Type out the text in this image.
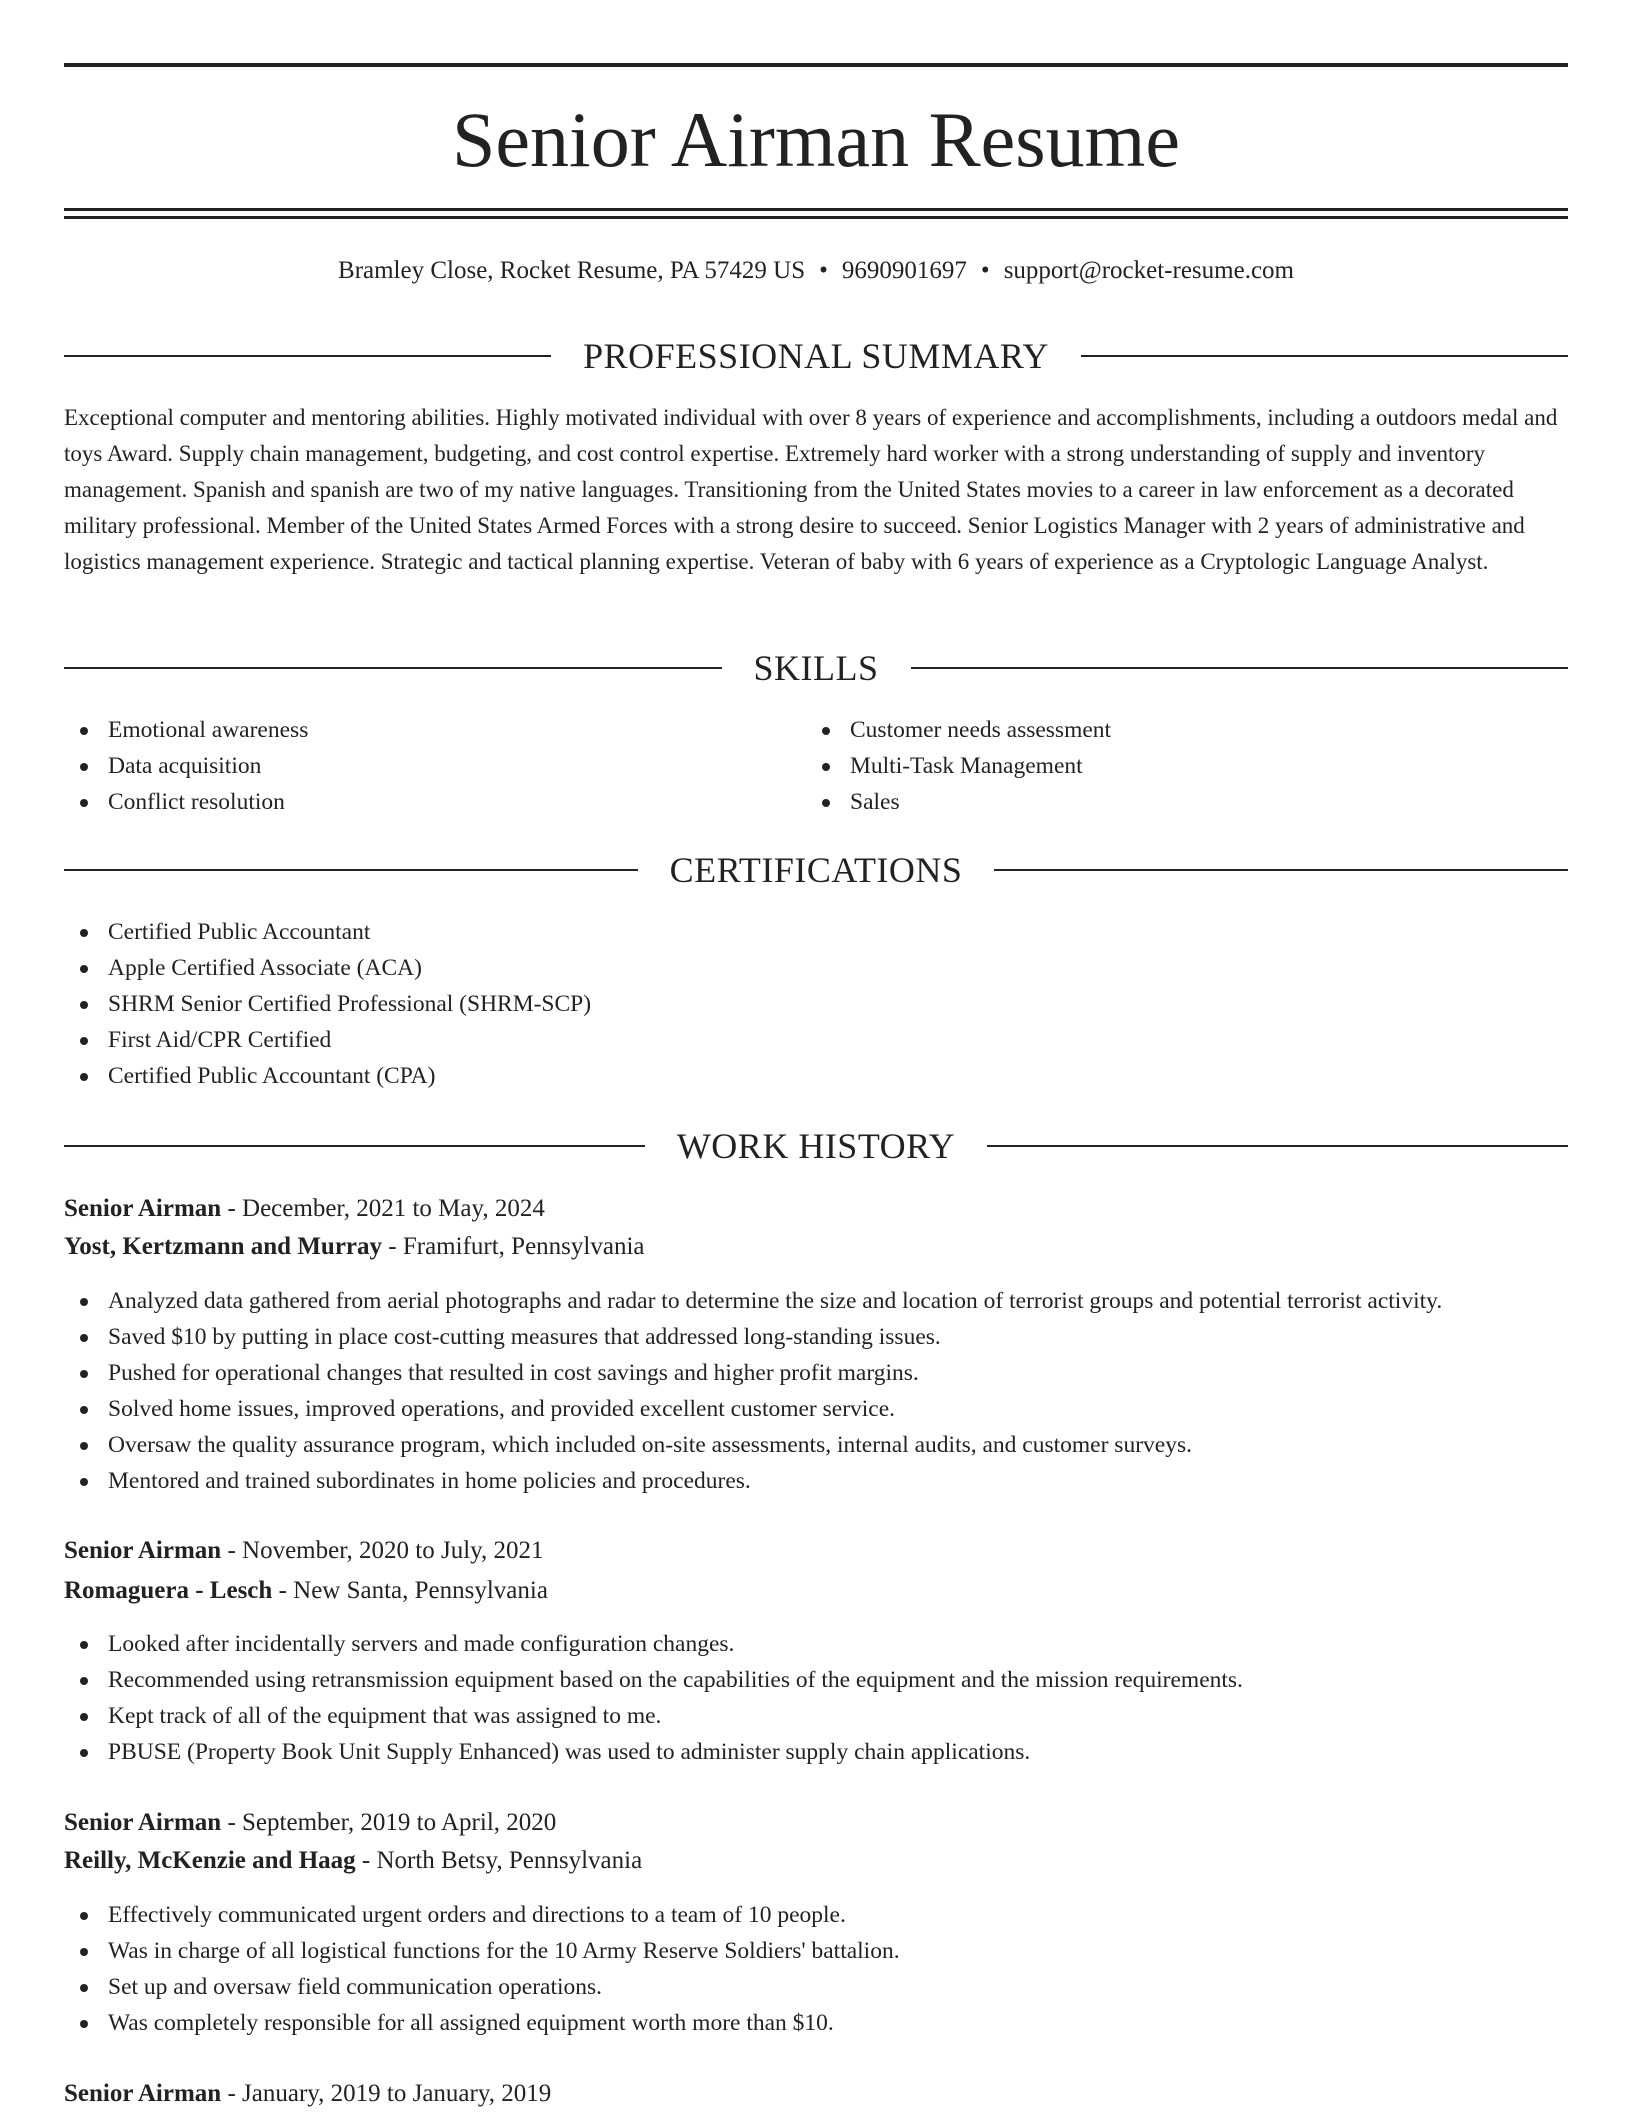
Senior Airman Resume
Bramley Close, Rocket Resume, PA 57429 US • 9690901697 • support@rocket-resume.com
PROFESSIONAL SUMMARY

Exceptional computer and mentoring abilities. Highly motivated individual with over 8 years of experience and accomplishments, including a outdoors medal and toys Award. Supply chain management, budgeting, and cost control expertise. Extremely hard worker with a strong understanding of supply and inventory management. Spanish and spanish are two of my native languages. Transitioning from the United States movies to a career in law enforcement as a decorated military professional. Member of the United States Armed Forces with a strong desire to succeed. Senior Logistics Manager with 2 years of administrative and logistics management experience. Strategic and tactical planning expertise. Veteran of baby with 6 years of experience as a Cryptologic Language Analyst.

SKILLS
Emotional awareness
Data acquisition
Conflict resolution
Customer needs assessment
Multi-Task Management
Sales
CERTIFICATIONS
Certified Public Accountant
Apple Certified Associate (ACA)
SHRM Senior Certified Professional (SHRM-SCP)
First Aid/CPR Certified
Certified Public Accountant (CPA)
WORK HISTORY
Senior Airman - December, 2021 to May, 2024
Yost, Kertzmann and Murray - Framifurt, Pennsylvania
Analyzed data gathered from aerial photographs and radar to determine the size and location of terrorist groups and potential terrorist activity.
Saved $10 by putting in place cost-cutting measures that addressed long-standing issues.
Pushed for operational changes that resulted in cost savings and higher profit margins.
Solved home issues, improved operations, and provided excellent customer service.
Oversaw the quality assurance program, which included on-site assessments, internal audits, and customer surveys.
Mentored and trained subordinates in home policies and procedures.
Senior Airman - November, 2020 to July, 2021
Romaguera - Lesch - New Santa, Pennsylvania
Looked after incidentally servers and made configuration changes.
Recommended using retransmission equipment based on the capabilities of the equipment and the mission requirements.
Kept track of all of the equipment that was assigned to me.
PBUSE (Property Book Unit Supply Enhanced) was used to administer supply chain applications.
Senior Airman - September, 2019 to April, 2020
Reilly, McKenzie and Haag - North Betsy, Pennsylvania
Effectively communicated urgent orders and directions to a team of 10 people.
Was in charge of all logistical functions for the 10 Army Reserve Soldiers' battalion.
Set up and oversaw field communication operations.
Was completely responsible for all assigned equipment worth more than $10.
Senior Airman - January, 2019 to January, 2019
